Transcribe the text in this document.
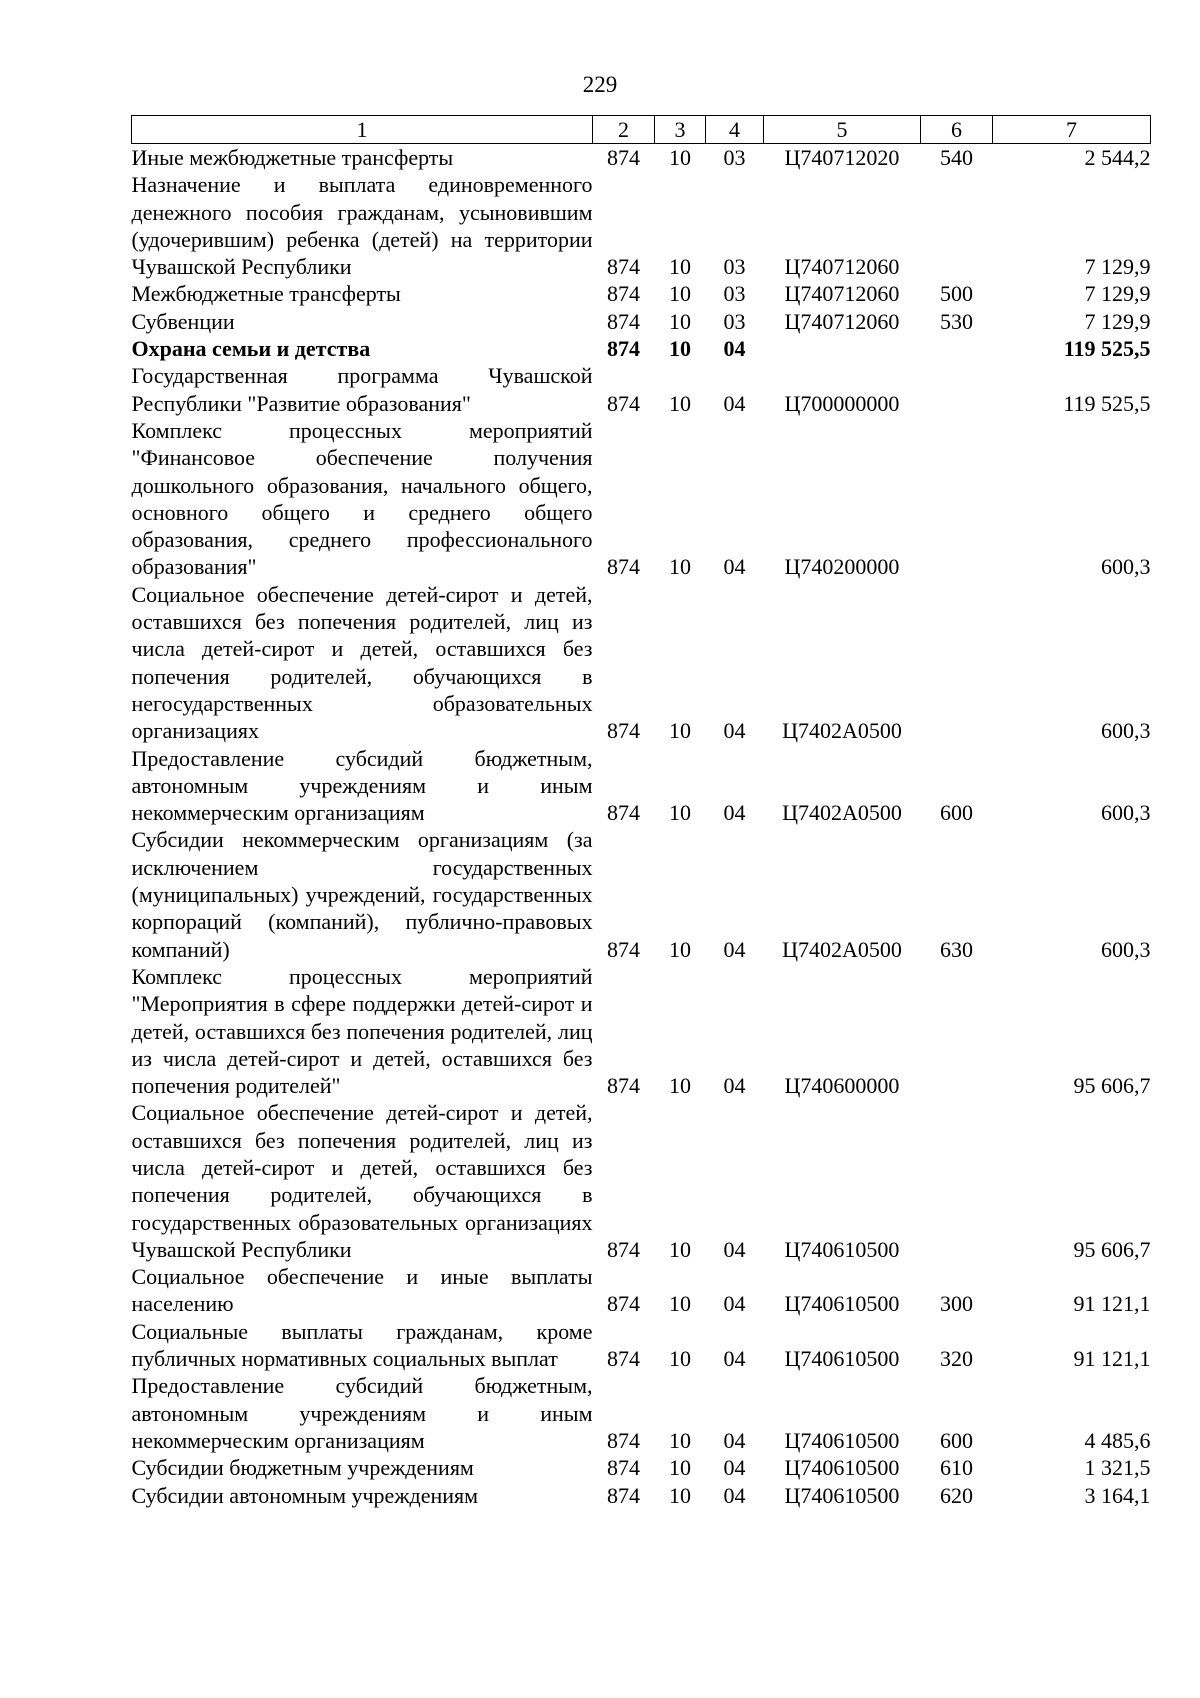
229
1	2	3	4	5	6	7
Иные межбюджетные трансферты	874	10	03	Ц740712020	540	2 544,2
Назначение и выплата единовременного денежного пособия гражданам, усыновившим (удочерившим) ребенка (детей) на территории Чувашской Республики	874	10	03	Ц740712060		7 129,9
Межбюджетные трансферты	874	10	03	Ц740712060	500	7 129,9
Субвенции	874	10	03	Ц740712060	530	7 129,9
Охрана семьи и детства	874	10	04			119 525,5
Государственная программа Чувашской Республики "Развитие образования"	874	10	04	Ц700000000		119 525,5
Комплекс процессных мероприятий "Финансовое обеспечение получения дошкольного образования, начального общего, основного общего и среднего общего образования, среднего профессионального образования"	874	10	04	Ц740200000		600,3
Социальное обеспечение детей-сирот и детей, оставшихся без попечения родителей, лиц из числа детей-сирот и детей, оставшихся без попечения родителей, обучающихся в негосударственных образовательных организациях	874	10	04	Ц7402А0500		600,3
Предоставление субсидий бюджетным, автономным учреждениям и иным некоммерческим организациям	874	10	04	Ц7402А0500	600	600,3
Субсидии некоммерческим организациям (за исключением государственных (муниципальных) учреждений, государственных корпораций (компаний), публично-правовых компаний)	874	10	04	Ц7402А0500	630	600,3
Комплекс процессных мероприятий "Мероприятия в сфере поддержки детей-сирот и детей, оставшихся без попечения родителей, лиц из числа детей-сирот и детей, оставшихся без попечения родителей"	874	10	04	Ц740600000		95 606,7
Социальное обеспечение детей-сирот и детей, оставшихся без попечения родителей, лиц из числа детей-сирот и детей, оставшихся без попечения родителей, обучающихся в государственных образовательных организациях Чувашской Республики	874	10	04	Ц740610500		95 606,7
Социальное обеспечение и иные выплаты населению	874	10	04	Ц740610500	300	91 121,1
Социальные выплаты гражданам, кроме публичных нормативных социальных выплат	874	10	04	Ц740610500	320	91 121,1
Предоставление субсидий бюджетным, автономным учреждениям и иным некоммерческим организациям	874	10	04	Ц740610500	600	4 485,6
Субсидии бюджетным учреждениям	874	10	04	Ц740610500	610	1 321,5
Субсидии автономным учреждениям	874	10	04	Ц740610500	620	3 164,1
